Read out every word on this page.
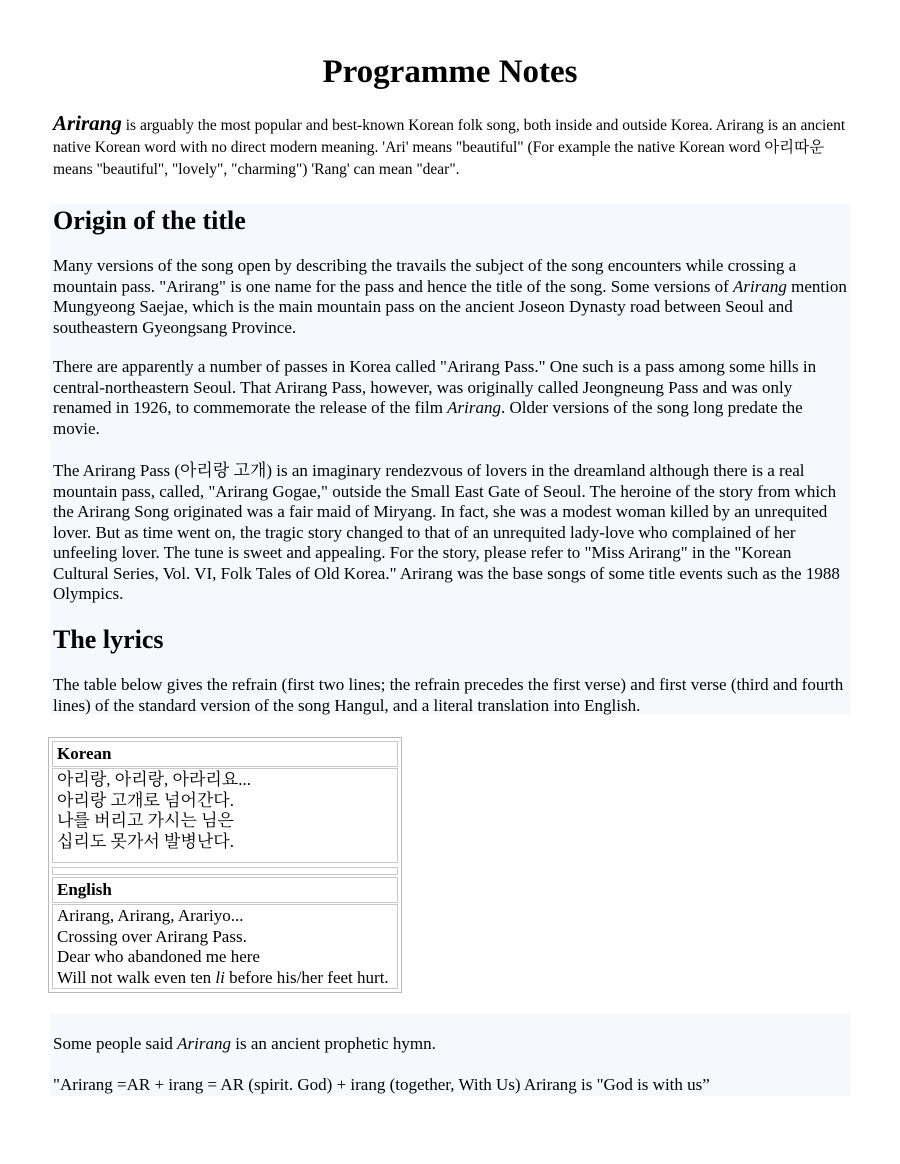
Programme Notes

Arirang is arguably the most popular and best-known Korean folk song, both inside and outside Korea. Arirang is an ancient native Korean word with no direct modern meaning. 'Ari' means "beautiful" (For example the native Korean word 아리따운 means "beautiful", "lovely", "charming") 'Rang' can mean "dear".

Origin of the title

Many versions of the song open by describing the travails the subject of the song encounters while crossing a mountain pass. "Arirang" is one name for the pass and hence the title of the song. Some versions of Arirang mention Mungyeong Saejae, which is the main mountain pass on the ancient Joseon Dynasty road between Seoul and southeastern Gyeongsang Province.

There are apparently a number of passes in Korea called "Arirang Pass." One such is a pass among some hills in central-northeastern Seoul. That Arirang Pass, however, was originally called Jeongneung Pass and was only renamed in 1926, to commemorate the release of the film Arirang. Older versions of the song long predate the movie.

The Arirang Pass (아리랑 고개) is an imaginary rendezvous of lovers in the dreamland although there is a real mountain pass, called, "Arirang Gogae," outside the Small East Gate of Seoul. The heroine of the story from which the Arirang Song originated was a fair maid of Miryang. In fact, she was a modest woman killed by an unrequited lover. But as time went on, the tragic story changed to that of an unrequited lady-love who complained of her unfeeling lover. The tune is sweet and appealing. For the story, please refer to "Miss Arirang" in the "Korean Cultural Series, Vol. VI, Folk Tales of Old Korea." Arirang was the base songs of some title events such as the 1988 Olympics.

The lyrics

The table below gives the refrain (first two lines; the refrain precedes the first verse) and first verse (third and fourth lines) of the standard version of the song Hangul, and a literal translation into English.

Korean
아리랑, 아리랑, 아라리요...
아리랑 고개로 넘어간다.
나를 버리고 가시는 님은
십리도 못가서 발병난다.
English
Arirang, Arirang, Arariyo...
Crossing over Arirang Pass.
Dear who abandoned me here
Will not walk even ten li before his/her feet hurt.

Some people said Arirang is an ancient prophetic hymn.

"Arirang =AR + irang = AR (spirit. God) + irang (together, With Us) Arirang is "God is with us”
